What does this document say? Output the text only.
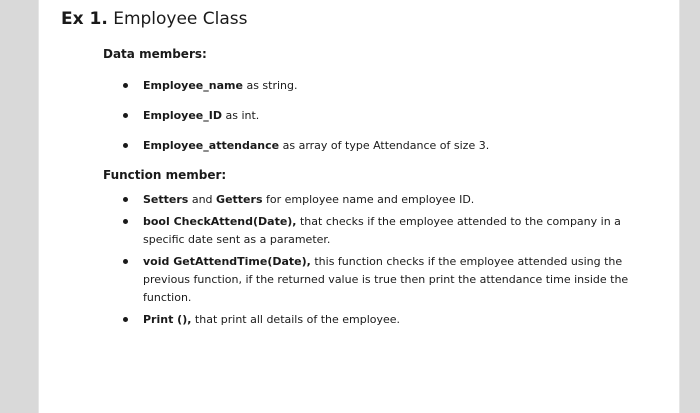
Ex 1. Employee Class
Data members:
Employee_name as string.
Employee_ID as int.
Employee_attendance as array of type Attendance of size 3.
Function member:
Setters and Getters for employee name and employee ID.
bool CheckAttend(Date), that checks if the employee attended to the company in a specific date sent as a parameter.
void GetAttendTime(Date), this function checks if the employee attended using the previous function, if the returned value is true then print the attendance time inside the function.
Print (), that print all details of the employee.
